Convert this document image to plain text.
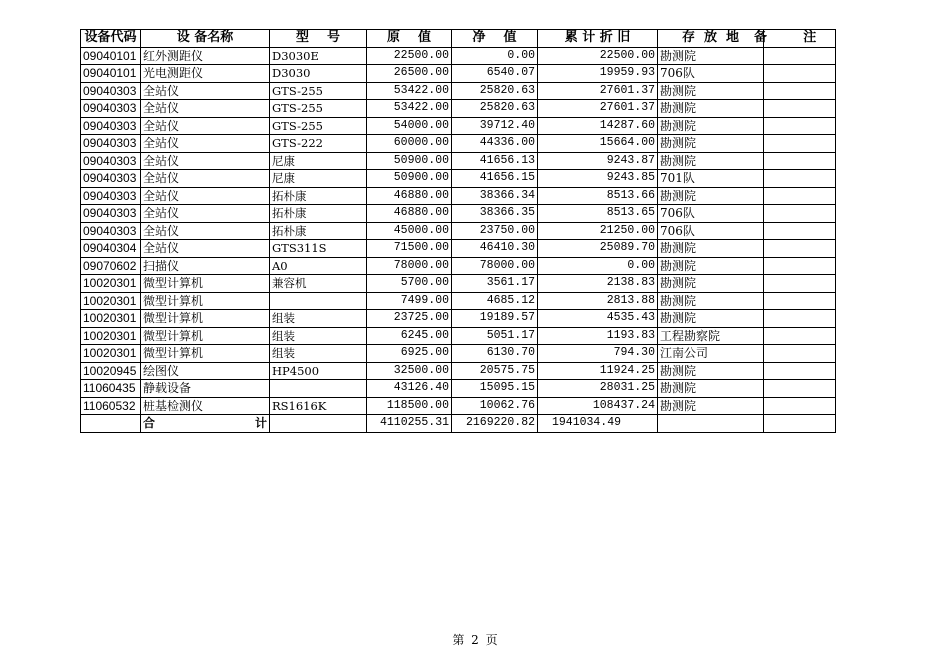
设备代码	设 备名称	型    号	原    值	净    值	累 计 折 旧	存  放  地	备        注

09040101	红外测距仪	D3030E	22500.00	0.00	22500.00	勘测院	
09040101	光电测距仪	D3030	26500.00	6540.07	19959.93	706队	
09040303	全站仪	GTS-255	53422.00	25820.63	27601.37	勘测院	
09040303	全站仪	GTS-255	53422.00	25820.63	27601.37	勘测院	
09040303	全站仪	GTS-255	54000.00	39712.40	14287.60	勘测院	
09040303	全站仪	GTS-222	60000.00	44336.00	15664.00	勘测院	
09040303	全站仪	尼康	50900.00	41656.13	9243.87	勘测院	
09040303	全站仪	尼康	50900.00	41656.15	9243.85	701队	
09040303	全站仪	拓朴康	46880.00	38366.34	8513.66	勘测院	
09040303	全站仪	拓朴康	46880.00	38366.35	8513.65	706队	
09040303	全站仪	拓朴康	45000.00	23750.00	21250.00	706队	
09040304	全站仪	GTS311S	71500.00	46410.30	25089.70	勘测院	
09070602	扫描仪	A0	78000.00	78000.00	0.00	勘测院	
10020301	微型计算机	兼容机	5700.00	3561.17	2138.83	勘测院	
10020301	微型计算机		7499.00	4685.12	2813.88	勘测院	
10020301	微型计算机	组装	23725.00	19189.57	4535.43	勘测院	
10020301	微型计算机	组装	6245.00	5051.17	1193.83	工程勘察院	
10020301	微型计算机	组装	6925.00	6130.70	794.30	江南公司	
10020945	绘图仪	HP4500	32500.00	20575.75	11924.25	勘测院	
11060435	静载设备		43126.40	15095.15	28031.25	勘测院	
11060532	桩基检测仪	RS1616K	118500.00	10062.76	108437.24	勘测院	

	合 计		4110255.31	2169220.82	1941034.49		
第 2 页
